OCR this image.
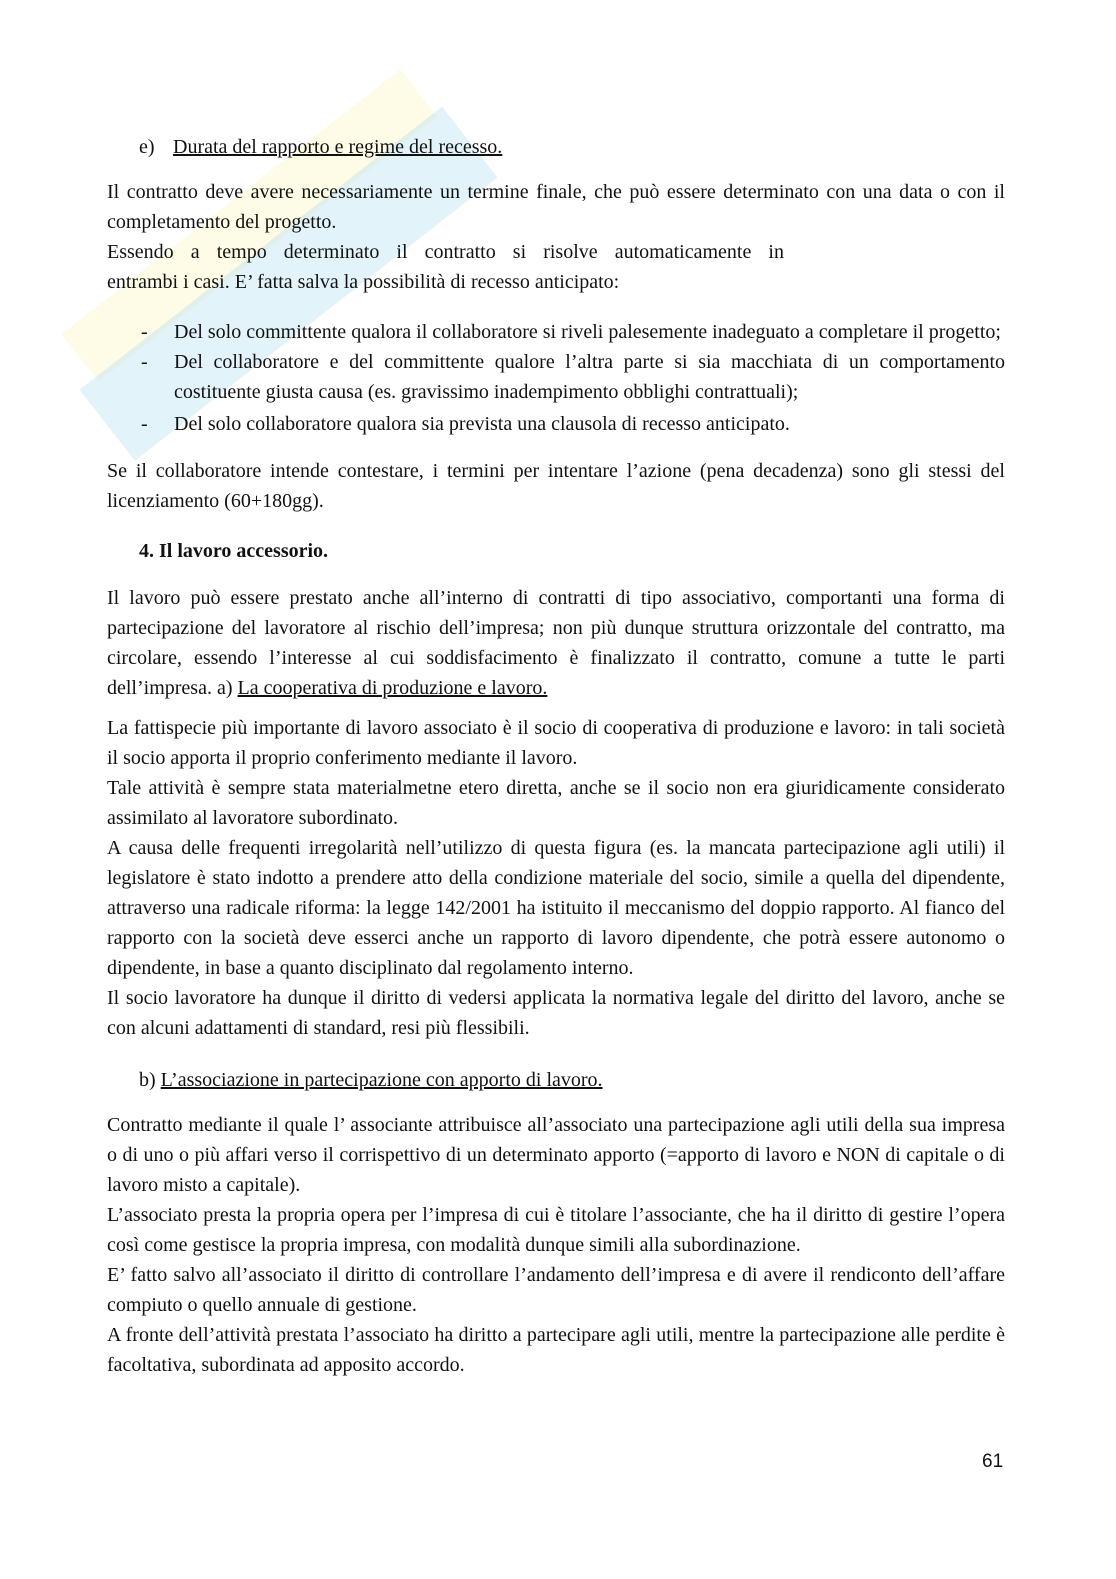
e) Durata del rapporto e regime del recesso.

Il contratto deve avere necessariamente un termine finale, che può essere determinato con una data o con il completamento del progetto.

Essendo a tempo determinato il contratto si risolve automaticamente in

entrambi i casi. E’ fatta salva la possibilità di recesso anticipato:

- Del solo committente qualora il collaboratore si riveli palesemente inadeguato a completare il progetto;
- Del collaboratore e del committente qualore l’altra parte si sia macchiata di un comportamento costituente giusta causa (es. gravissimo inadempimento obblighi contrattuali);
- Del solo collaboratore qualora sia prevista una clausola di recesso anticipato.

Se il collaboratore intende contestare, i termini per intentare l’azione (pena decadenza) sono gli stessi del licenziamento (60+180gg).

4. Il lavoro accessorio.

Il lavoro può essere prestato anche all’interno di contratti di tipo associativo, comportanti una forma di partecipazione del lavoratore al rischio dell’impresa; non più dunque struttura orizzontale del contratto, ma circolare, essendo l’interesse al cui soddisfacimento è finalizzato il contratto, comune a tutte le parti dell’impresa. a) La cooperativa di produzione e lavoro.

La fattispecie più importante di lavoro associato è il socio di cooperativa di produzione e lavoro: in tali società il socio apporta il proprio conferimento mediante il lavoro.

Tale attività è sempre stata materialmetne etero diretta, anche se il socio non era giuridicamente considerato assimilato al lavoratore subordinato.

A causa delle frequenti irregolarità nell’utilizzo di questa figura (es. la mancata partecipazione agli utili) il legislatore è stato indotto a prendere atto della condizione materiale del socio, simile a quella del dipendente, attraverso una radicale riforma: la legge 142/2001 ha istituito il meccanismo del doppio rapporto. Al fianco del rapporto con la società deve esserci anche un rapporto di lavoro dipendente, che potrà essere autonomo o dipendente, in base a quanto disciplinato dal regolamento interno.

Il socio lavoratore ha dunque il diritto di vedersi applicata la normativa legale del diritto del lavoro, anche se con alcuni adattamenti di standard, resi più flessibili.

b) L’associazione in partecipazione con apporto di lavoro.

Contratto mediante il quale l’ associante attribuisce all’associato una partecipazione agli utili della sua impresa o di uno o più affari verso il corrispettivo di un determinato apporto (=apporto di lavoro e NON di capitale o di lavoro misto a capitale).

L’associato presta la propria opera per l’impresa di cui è titolare l’associante, che ha il diritto di gestire l’opera così come gestisce la propria impresa, con modalità dunque simili alla subordinazione.

E’ fatto salvo all’associato il diritto di controllare l’andamento dell’impresa e di avere il rendiconto dell’affare compiuto o quello annuale di gestione.

A fronte dell’attività prestata l’associato ha diritto a partecipare agli utili, mentre la partecipazione alle perdite è facoltativa, subordinata ad apposito accordo.

61
